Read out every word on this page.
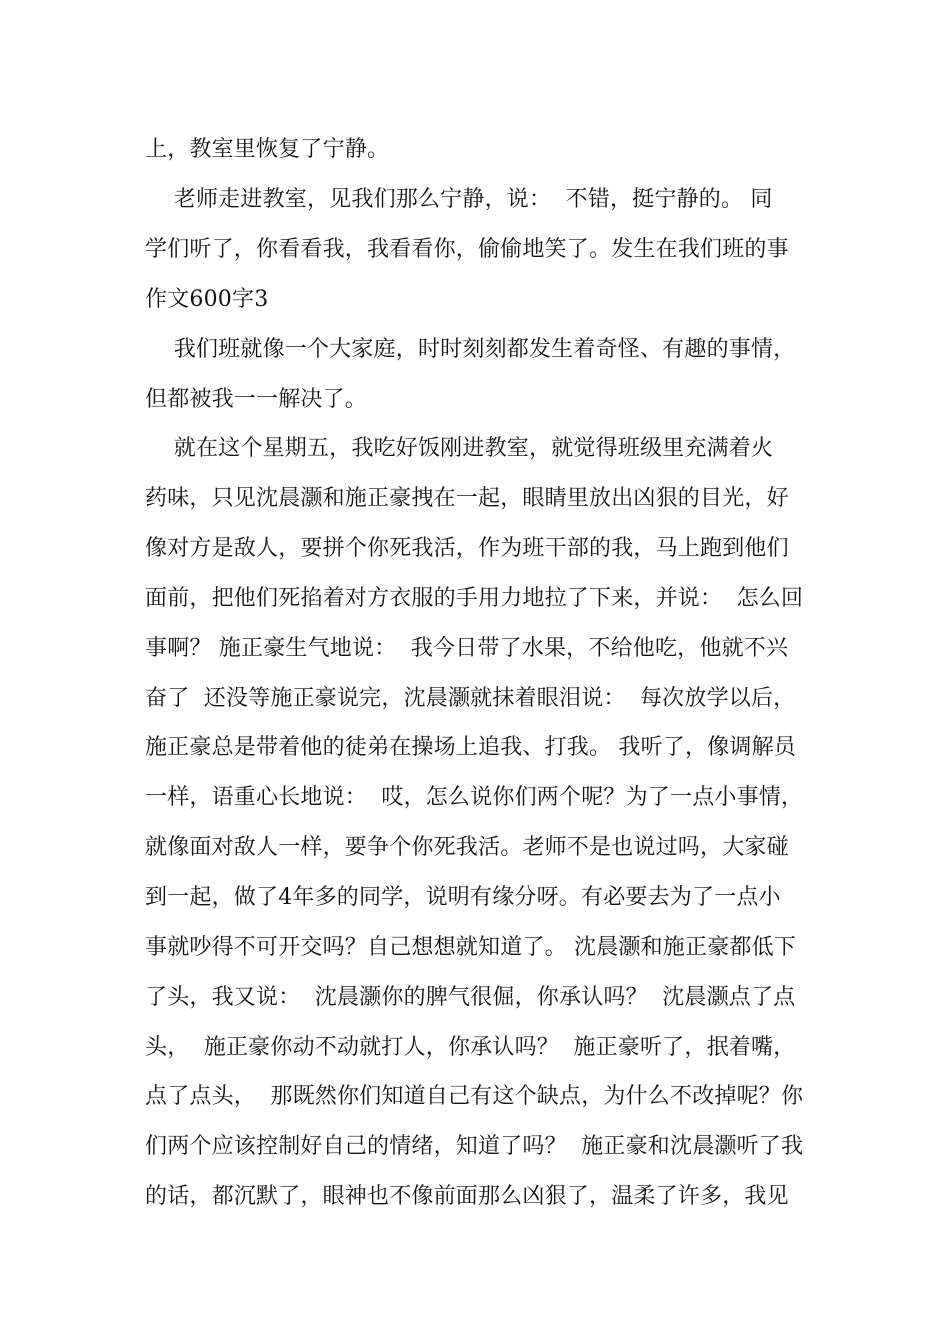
上，教室里恢复了宁静。
老师走进教室，见我们那么宁静，说：  不错，挺宁静的。 同
学们听了，你看看我，我看看你，偷偷地笑了。发生在我们班的事
作文600字3
我们班就像一个大家庭，时时刻刻都发生着奇怪、有趣的事情，
但都被我一一解决了。
就在这个星期五，我吃好饭刚进教室，就觉得班级里充满着火
药味，只见沈晨灏和施正豪拽在一起，眼睛里放出凶狠的目光，好
像对方是敌人，要拼个你死我活，作为班干部的我，马上跑到他们
面前，把他们死掐着对方衣服的手用力地拉了下来，并说：  怎么回
事啊？ 施正豪生气地说：  我今日带了水果，不给他吃，他就不兴
奋了  还没等施正豪说完，沈晨灏就抹着眼泪说：  每次放学以后，
施正豪总是带着他的徒弟在操场上追我、打我。 我听了，像调解员
一样，语重心长地说：  哎，怎么说你们两个呢？为了一点小事情，
就像面对敌人一样，要争个你死我活。老师不是也说过吗，大家碰
到一起，做了4年多的同学，说明有缘分呀。有必要去为了一点小
事就吵得不可开交吗？自己想想就知道了。 沈晨灏和施正豪都低下
了头，我又说：  沈晨灏你的脾气很倔，你承认吗？  沈晨灏点了点
头，  施正豪你动不动就打人，你承认吗？  施正豪听了，抿着嘴，
点了点头，  那既然你们知道自己有这个缺点，为什么不改掉呢？你
们两个应该控制好自己的情绪，知道了吗？  施正豪和沈晨灏听了我
的话，都沉默了，眼神也不像前面那么凶狠了，温柔了许多，我见
